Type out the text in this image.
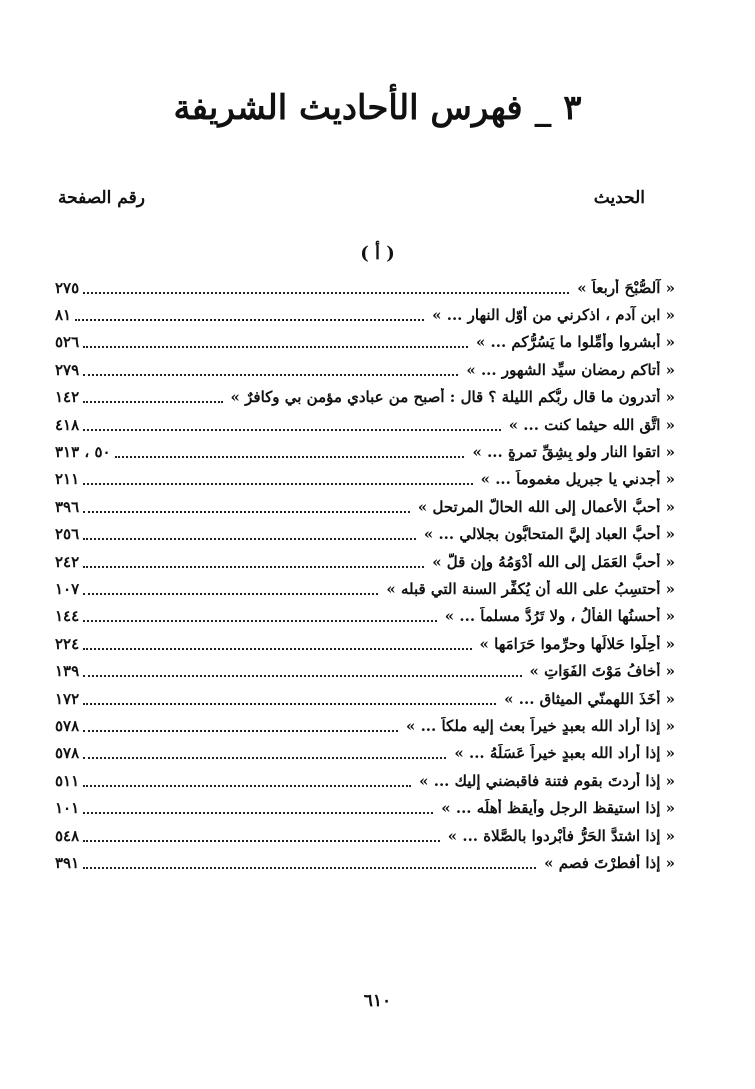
٣ _ فهرس الأحاديث الشريفة
الحديث
رقم الصفحة
( أ )
« آلصُّبْحَ أربعاً »
٢٧٥
« ابن آدم ، اذكرني من أوّل النهار ... »
٨١
« أبشروا وأمِّلوا ما يَسُرُّكم ... »
٥٢٦
« أتاكم رمضان سيِّد الشهور ... »
٢٧٩
« أتدرون ما قال ربُّكم الليلة ؟ قال : أصبح من عبادي مؤمن بي وكافرٌ »
١٤٢
« اتَّقِ الله حيثما كنت ... »
٤١٨
« اتقوا النار ولو بِشِقِّ تمرةٍ ... »
٥٠ ، ٣١٣
« أجدني يا جبريل مغموماً ... »
٢١١
« أحبُّ الأعمال إلى الله الحالّ المرتحل »
٣٩٦
« أحبُّ العباد إليَّ المتحابُّون بجلالي ... »
٢٥٦
« أحبُّ العَمَل إلى الله أدْوَمُهُ وإن قلَّ »
٢٤٢
« أحتسِبُ على الله أن يُكفِّر السنة التي قبله »
١٠٧
« أحسنُها الفألُ ، ولا تَرُدُّ مسلماً ... »
١٤٤
« أحِلّوا حَلالَها وحرِّموا حَرَامَها »
٢٢٤
« أخافُ مَوْتَ الفَوَاتِ »
١٣٩
« أخَذَ اللهمنّي الميثاق ... »
١٧٢
« إذا أراد الله بعبدٍ خيراً بعث إليه ملكاً ... »
٥٧٨
« إذا أراد الله بعبدٍ خيراً عَسَلَهُ ... »
٥٧٨
« إذا أردتَ بقومٍ فتنة فاقبضني إليك ... »
٥١١
« إذا استيقظ الرجل وأيقظ أهلَه ... »
١٠١
« إذا اشتدَّ الحَرُّ فأبْردوا بالصَّلاة ... »
٥٤٨
« إذا أفطرْتَ فصم »
٣٩١
٦١٠
